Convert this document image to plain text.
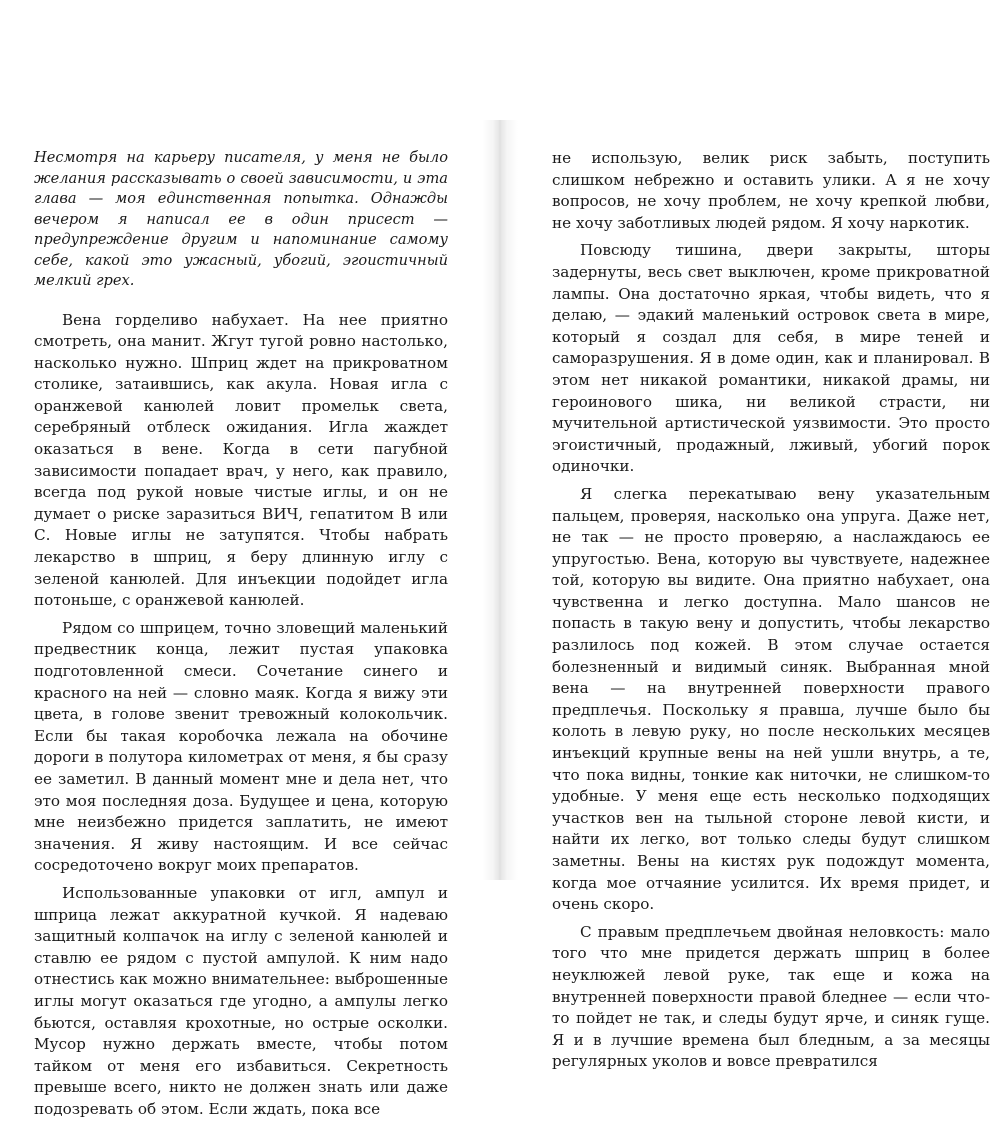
Несмотря на карьеру писателя, у меня не было желания рассказывать о своей зависимости, и эта глава — моя единственная попытка. Однажды вечером я написал ее в один присест — предупреждение другим и напоминание самому себе, какой это ужасный, убогий, эгоистичный мелкий грех.

Вена горделиво набухает. На нее приятно смотреть, она манит. Жгут тугой ровно настолько, насколько нужно. Шприц ждет на прикроватном столике, затаившись, как акула. Новая игла с оранжевой канюлей ловит промельк света, серебряный отблеск ожидания. Игла жаждет оказаться в вене. Когда в сети пагубной зависимости попадает врач, у него, как правило, всегда под рукой новые чистые иглы, и он не думает о риске заразиться ВИЧ, гепатитом В или С. Новые иглы не затупятся. Чтобы набрать лекарство в шприц, я беру длинную иглу с зеленой канюлей. Для инъекции подойдет игла потоньше, с оранжевой канюлей.

Рядом со шприцем, точно зловещий маленький предвестник конца, лежит пустая упаковка подготовленной смеси. Сочетание синего и красного на ней — словно маяк. Когда я вижу эти цвета, в голове звенит тревожный колокольчик. Если бы такая коробочка лежала на обочине дороги в полутора километрах от меня, я бы сразу ее заметил. В данный момент мне и дела нет, что это моя последняя доза. Будущее и цена, которую мне неизбежно придется заплатить, не имеют значения. Я живу настоящим. И все сейчас сосредоточено вокруг моих препаратов.

Использованные упаковки от игл, ампул и шприца лежат аккуратной кучкой. Я надеваю защитный колпачок на иглу с зеленой канюлей и ставлю ее рядом с пустой ампулой. К ним надо отнестись как можно внимательнее: выброшенные иглы могут оказаться где угодно, а ампулы легко бьются, оставляя крохотные, но острые осколки. Мусор нужно держать вместе, чтобы потом тайком от меня его избавиться. Секретность превыше всего, никто не должен знать или даже подозревать об этом. Если ждать, пока все

не использую, велик риск забыть, поступить слишком небрежно и оставить улики. А я не хочу вопросов, не хочу проблем, не хочу крепкой любви, не хочу заботливых людей рядом. Я хочу наркотик.

Повсюду тишина, двери закрыты, шторы задернуты, весь свет выключен, кроме прикроватной лампы. Она достаточно яркая, чтобы видеть, что я делаю, — эдакий маленький островок света в мире, который я создал для себя, в мире теней и саморазрушения. Я в доме один, как и планировал. В этом нет никакой романтики, никакой драмы, ни героинового шика, ни великой страсти, ни мучительной артистической уязвимости. Это просто эгоистичный, продажный, лживый, убогий порок одиночки.

Я слегка перекатываю вену указательным пальцем, проверяя, насколько она упруга. Даже нет, не так — не просто проверяю, а наслаждаюсь ее упругостью. Вена, которую вы чувствуете, надежнее той, которую вы видите. Она приятно набухает, она чувственна и легко доступна. Мало шансов не попасть в такую вену и допустить, чтобы лекарство разлилось под кожей. В этом случае остается болезненный и видимый синяк. Выбранная мной вена — на внутренней поверхности правого предплечья. Поскольку я правша, лучше было бы колоть в левую руку, но после нескольких месяцев инъекций крупные вены на ней ушли внутрь, а те, что пока видны, тонкие как ниточки, не слишком-то удобные. У меня еще есть несколько подходящих участков вен на тыльной стороне левой кисти, и найти их легко, вот только следы будут слишком заметны. Вены на кистях рук подождут момента, когда мое отчаяние усилится. Их время придет, и очень скоро.

С правым предплечьем двойная неловкость: мало того что мне придется держать шприц в более неуклюжей левой руке, так еще и кожа на внутренней поверхности правой бледнее — если что-то пойдет не так, и следы будут ярче, и синяк гуще. Я и в лучшие времена был бледным, а за месяцы регулярных уколов и вовсе превратился
